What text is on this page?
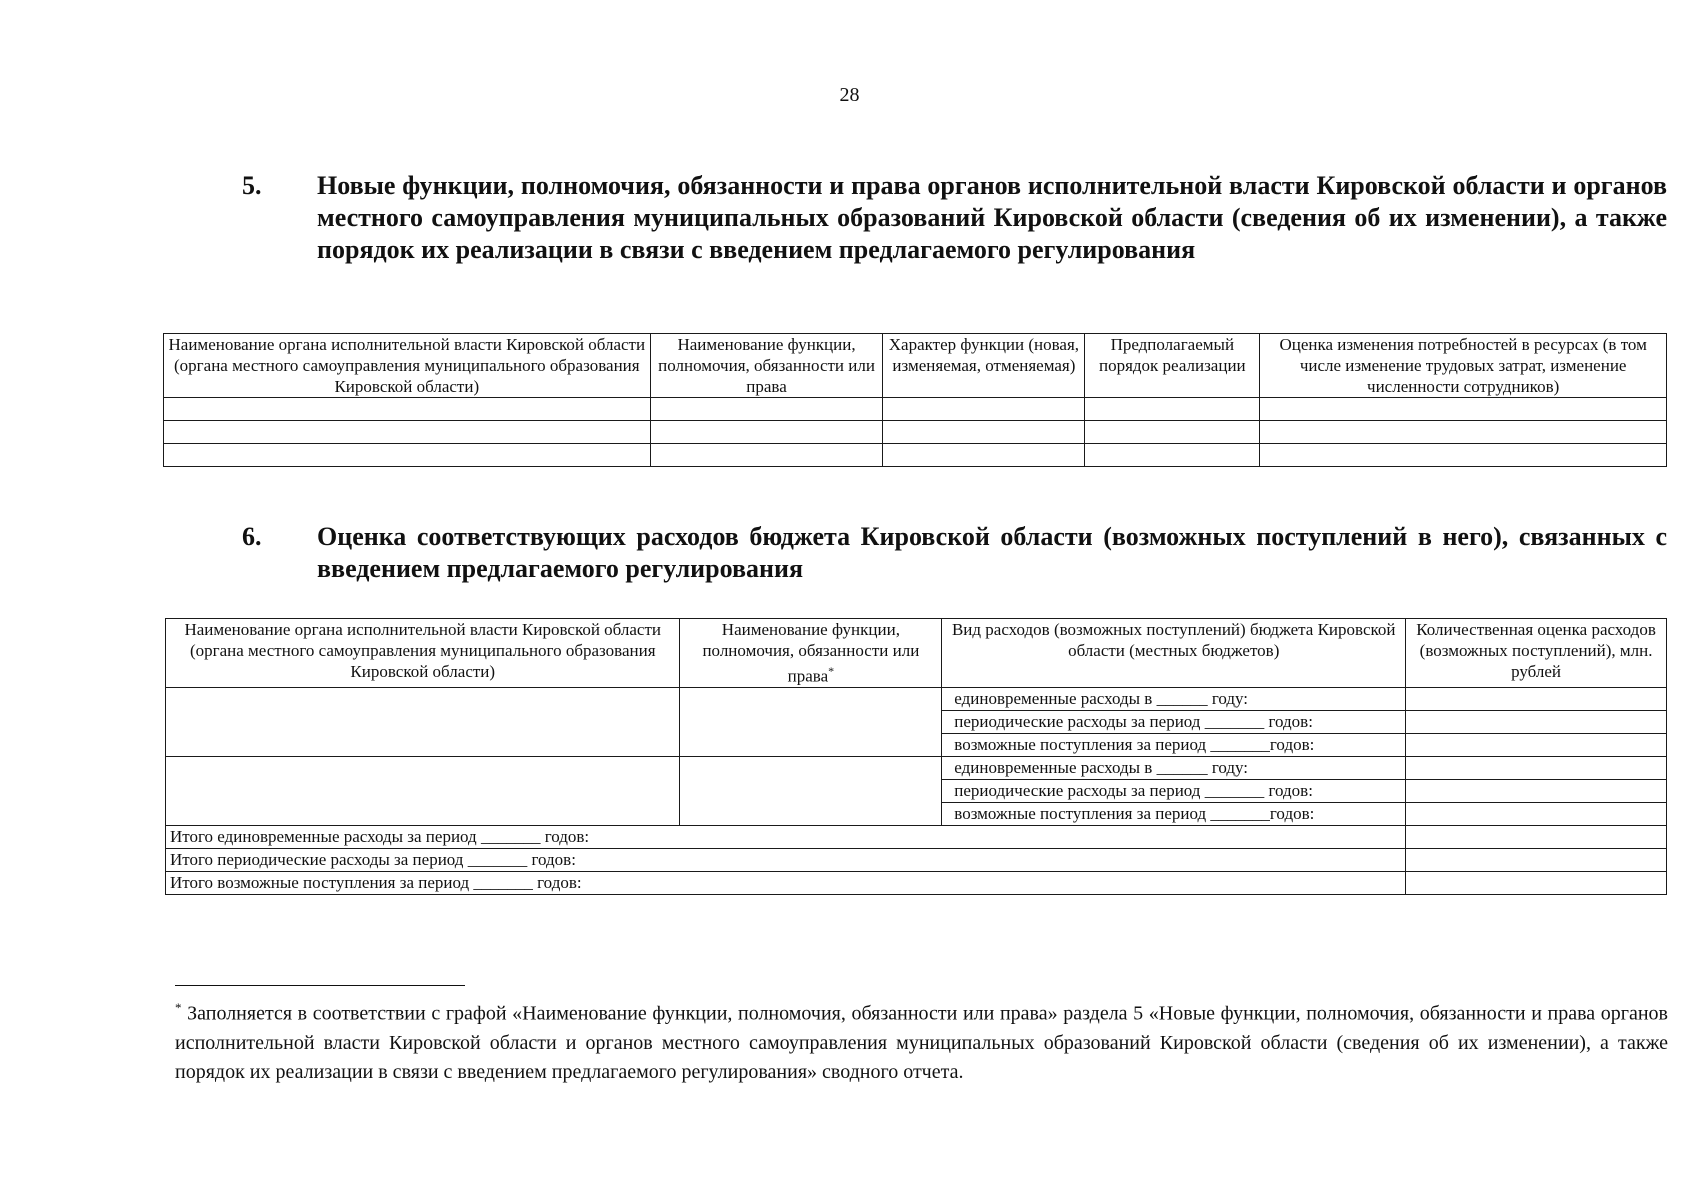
28
5. Новые функции, полномочия, обязанности и права органов исполнительной власти Кировской области и органов местного самоуправления муниципальных образований Кировской области (сведения об их изменении), а также порядок их реализации в связи с введением предлагаемого регулирования
Наименование органа исполнительной власти Кировской области (органа местного самоуправления муниципального образования Кировской области)	Наименование функции, полномочия, обязанности или права	Характер функции (новая, изменяемая, отменяемая)	Предполагаемый порядок реализации	Оценка изменения потребностей в ресурсах (в том числе изменение трудовых затрат, изменение численности сотрудников)

6. Оценка соответствующих расходов бюджета Кировской области (возможных поступлений в него), связанных с введением предлагаемого регулирования
Наименование органа исполнительной власти Кировской области (органа местного самоуправления муниципального образования Кировской области)	Наименование функции, полномочия, обязанности или права*	Вид расходов (возможных поступлений) бюджета Кировской области (местных бюджетов)	Количественная оценка расходов (возможных поступлений), млн. рублей
		единовременные расходы в ______ году:	
		периодические расходы за период _______ годов:	
		возможные поступления за период _______годов:	
		единовременные расходы в ______ году:	
		периодические расходы за период _______ годов:	
		возможные поступления за период _______годов:	
Итого единовременные расходы за период _______ годов:			
Итого периодические расходы за период _______ годов:			
Итого возможные поступления за период _______ годов:			
* Заполняется в соответствии с графой «Наименование функции, полномочия, обязанности или права» раздела 5 «Новые функции, полномочия, обязанности и права органов исполнительной власти Кировской области и органов местного самоуправления муниципальных образований Кировской области (сведения об их изменении), а также порядок их реализации в связи с введением предлагаемого регулирования» сводного отчета.
